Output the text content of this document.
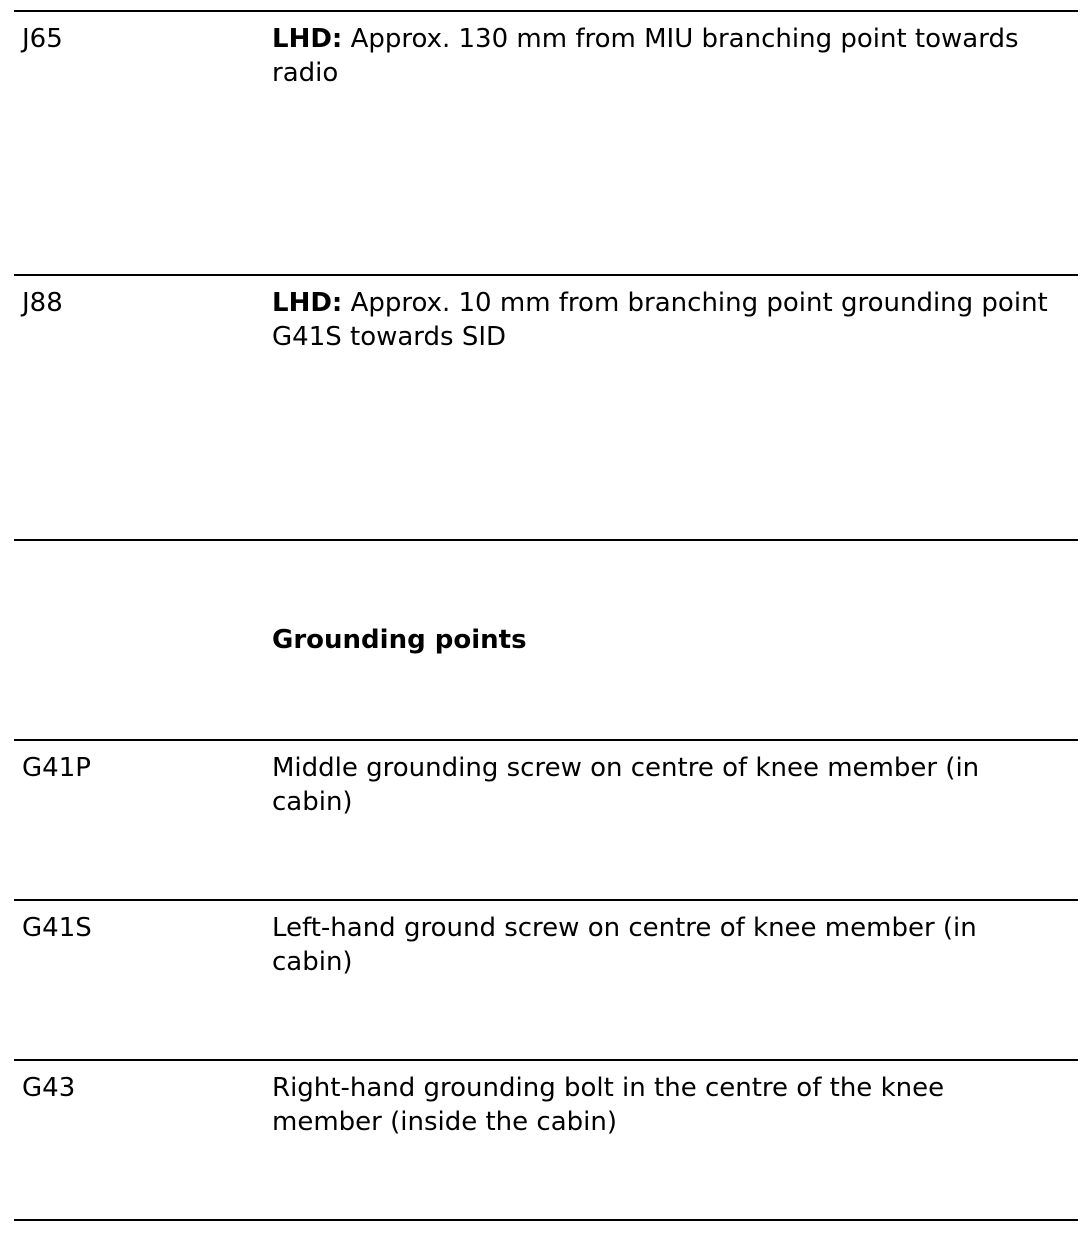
J65	LHD: Approx. 130 mm from MIU branching point towards radio
J88	LHD: Approx. 10 mm from branching point grounding point G41S towards SID
Grounding points
G41P	Middle grounding screw on centre of knee member (in cabin)
G41S	Left-hand ground screw on centre of knee member (in cabin)
G43	Right-hand grounding bolt in the centre of the knee member (inside the cabin)
